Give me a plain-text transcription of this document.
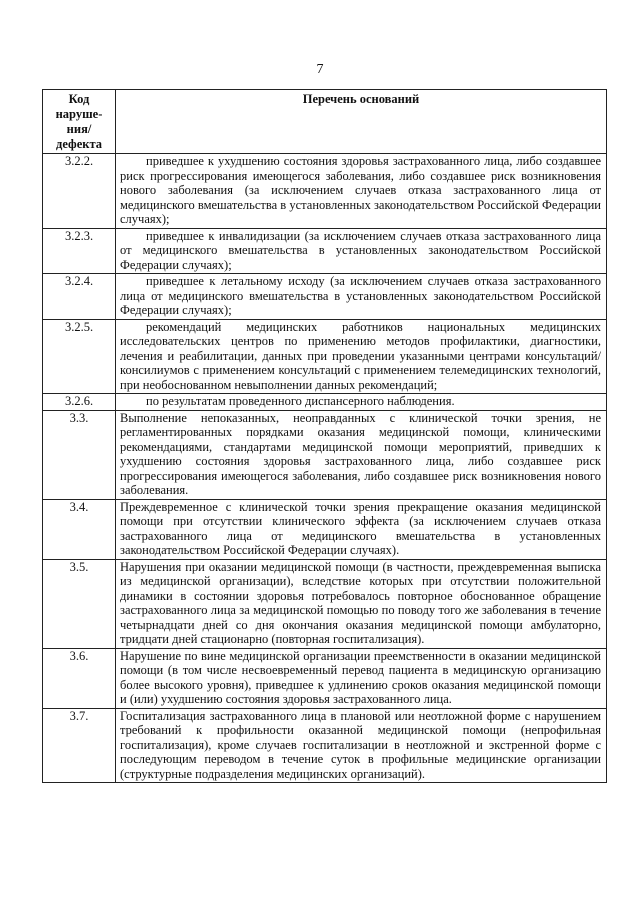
7
Код наруше-ния/ дефекта	Перечень оснований
3.2.2.	приведшее к ухудшению состояния здоровья застрахованного лица, либо создавшее риск прогрессирования имеющегося заболевания, либо создавшее риск возникновения нового заболевания (за исключением случаев отказа застрахованного лица от медицинского вмешательства в установленных законодательством Российской Федерации случаях);
3.2.3.	приведшее к инвалидизации (за исключением случаев отказа застрахованного лица от медицинского вмешательства в установленных законодательством Российской Федерации случаях);
3.2.4.	приведшее к летальному исходу (за исключением случаев отказа застрахованного лица от медицинского вмешательства в установленных законодательством Российской Федерации случаях);
3.2.5.	рекомендаций медицинских работников национальных медицинских исследовательских центров по применению методов профилактики, диагностики, лечения и реабилитации, данных при проведении указанными центрами консультаций/консилиумов с применением консультаций с применением телемедицинских технологий, при необоснованном невыполнении данных рекомендаций;
3.2.6.	по результатам проведенного диспансерного наблюдения.
3.3.	Выполнение непоказанных, неоправданных с клинической точки зрения, не регламентированных порядками оказания медицинской помощи, клиническими рекомендациями, стандартами медицинской помощи мероприятий, приведших к ухудшению состояния здоровья застрахованного лица, либо создавшее риск прогрессирования имеющегося заболевания, либо создавшее риск возникновения нового заболевания.
3.4.	Преждевременное с клинической точки зрения прекращение оказания медицинской помощи при отсутствии клинического эффекта (за исключением случаев отказа застрахованного лица от медицинского вмешательства в установленных законодательством Российской Федерации случаях).
3.5.	Нарушения при оказании медицинской помощи (в частности, преждевременная выписка из медицинской организации), вследствие которых при отсутствии положительной динамики в состоянии здоровья потребовалось повторное обоснованное обращение застрахованного лица за медицинской помощью по поводу того же заболевания в течение четырнадцати дней со дня окончания оказания медицинской помощи амбулаторно, тридцати дней стационарно (повторная госпитализация).
3.6.	Нарушение по вине медицинской организации преемственности в оказании медицинской помощи (в том числе несвоевременный перевод пациента в медицинскую организацию более высокого уровня), приведшее к удлинению сроков оказания медицинской помощи и (или) ухудшению состояния здоровья застрахованного лица.
3.7.	Госпитализация застрахованного лица в плановой или неотложной форме с нарушением требований к профильности оказанной медицинской помощи (непрофильная госпитализация), кроме случаев госпитализации в неотложной и экстренной форме с последующим переводом в течение суток в профильные медицинские организации (структурные подразделения медицинских организаций).
